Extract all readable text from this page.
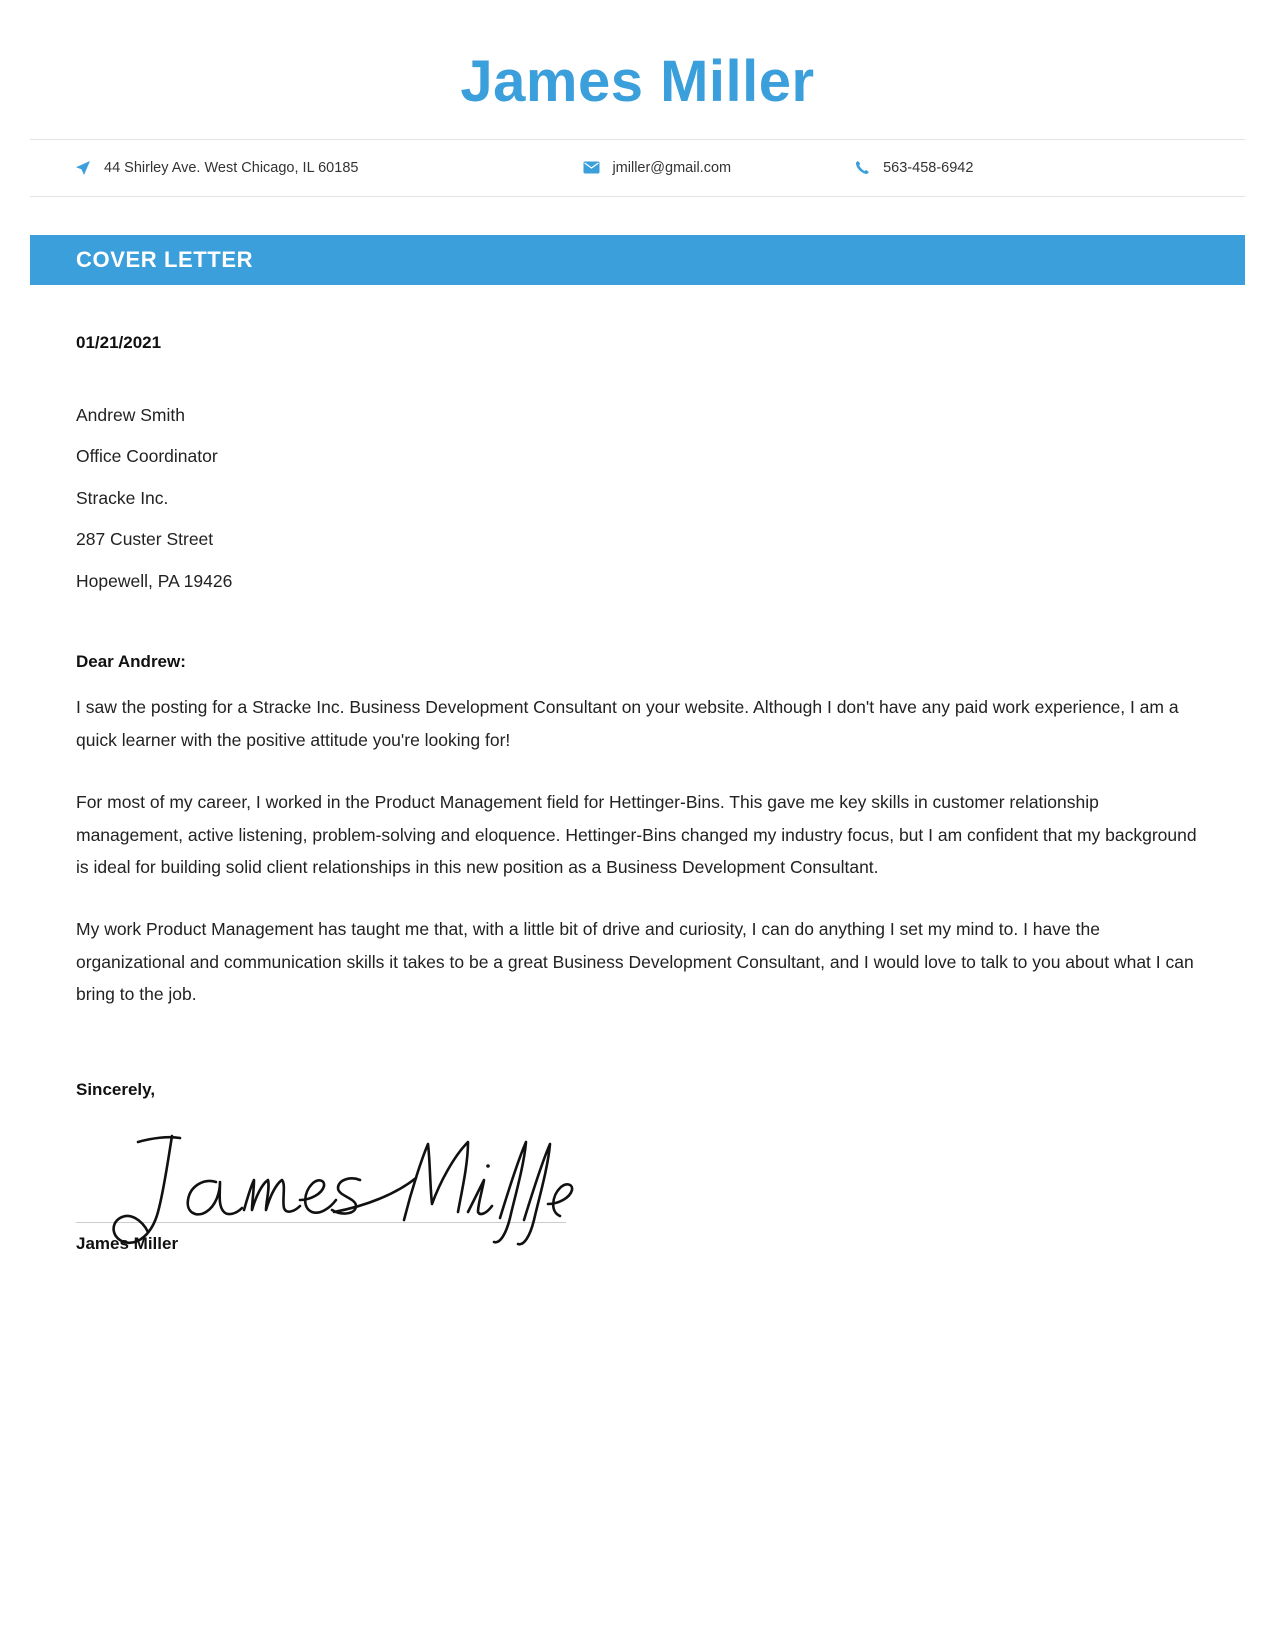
James Miller
44 Shirley Ave. West Chicago, IL 60185	jmiller@gmail.com	563-458-6942
COVER LETTER
01/21/2021
Andrew Smith
Office Coordinator
Stracke Inc.
287 Custer Street
Hopewell, PA 19426
Dear Andrew:

I saw the posting for a Stracke Inc. Business Development Consultant on your website. Although I don't have any paid work experience, I am a quick learner with the positive attitude you're looking for!

For most of my career, I worked in the Product Management field for Hettinger-Bins. This gave me key skills in customer relationship management, active listening, problem-solving and eloquence. Hettinger-Bins changed my industry focus, but I am confident that my background is ideal for building solid client relationships in this new position as a Business Development Consultant.

My work Product Management has taught me that, with a little bit of drive and curiosity, I can do anything I set my mind to. I have the organizational and communication skills it takes to be a great Business Development Consultant, and I would love to talk to you about what I can bring to the job.

Sincerely,
James Miller
